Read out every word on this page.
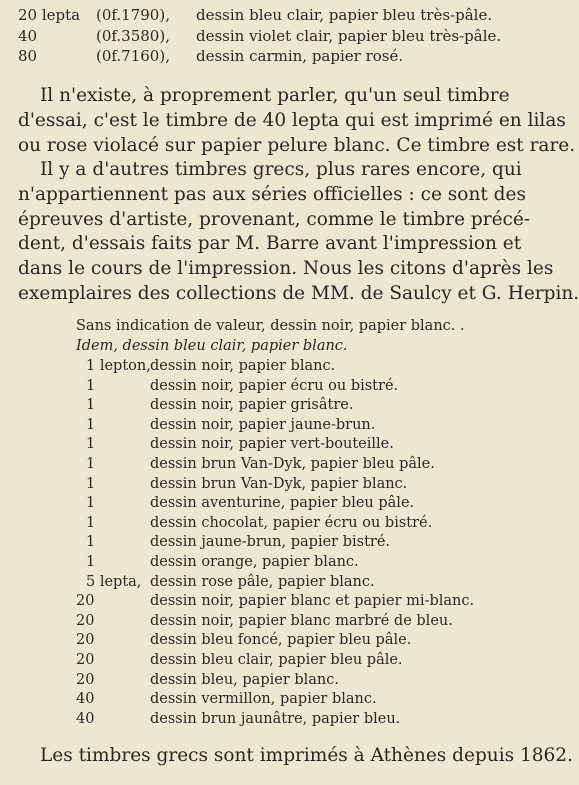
20 lepta (0f.1790), dessin bleu clair, papier bleu très-pâle.
40	(0f.3580), dessin violet clair, papier bleu très-pâle.
80	(0f.7160), dessin carmin, papier rosé.
Il n'existe, à proprement parler, qu'un seul timbre
d'essai, c'est le timbre de 40 lepta qui est imprimé en lilas
ou rose violacé sur papier pelure blanc. Ce timbre est rare.
Il y a d'autres timbres grecs, plus rares encore, qui
n'appartiennent pas aux séries officielles : ce sont des
épreuves d'artiste, provenant, comme le timbre précé-
dent, d'essais faits par M. Barre avant l'impression et
dans le cours de l'impression. Nous les citons d'après les
exemplaires des collections de MM. de Saulcy et G. Herpin.
Sans indication de valeur, dessin noir, papier blanc. .
Idem, dessin bleu clair, papier blanc.
1 lepton, dessin noir, papier blanc.
1	dessin noir, papier écru ou bistré.
1	dessin noir, papier grisâtre.
1	dessin noir, papier jaune-brun.
1	dessin noir, papier vert-bouteille.
1	dessin brun Van-Dyk, papier bleu pâle.
1	dessin brun Van-Dyk, papier blanc.
1	dessin aventurine, papier bleu pâle.
1	dessin chocolat, papier écru ou bistré.
1	dessin jaune-brun, papier bistré.
1	dessin orange, papier blanc.
5 lepta, dessin rose pâle, papier blanc.
20	dessin noir, papier blanc et papier mi-blanc.
20	dessin noir, papier blanc marbré de bleu.
20	dessin bleu foncé, papier bleu pâle.
20	dessin bleu clair, papier bleu pâle.
20	dessin bleu, papier blanc.
40	dessin vermillon, papier blanc.
40	dessin brun jaunâtre, papier bleu.
Les timbres grecs sont imprimés à Athènes depuis 1862.
